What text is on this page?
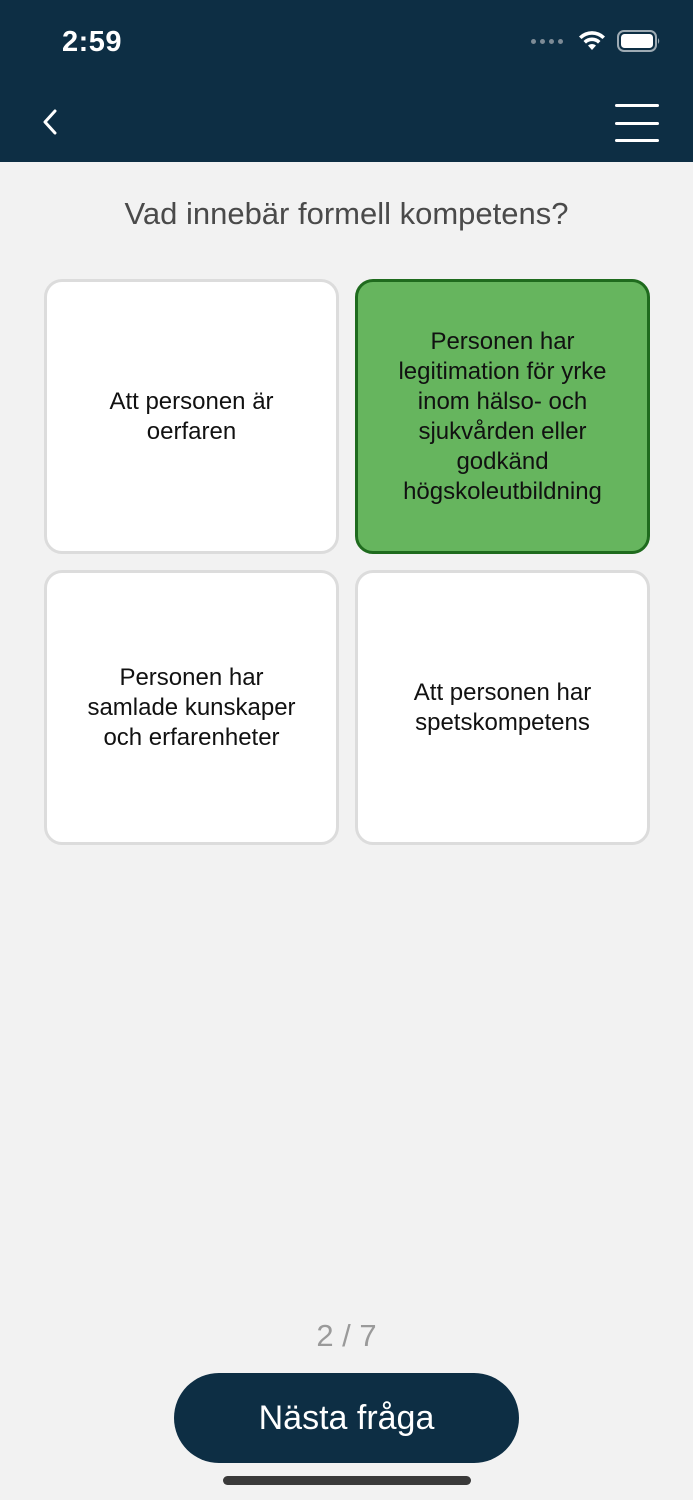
2:59
Vad innebär formell kompetens?
Att personen är oerfaren
Personen har legitimation för yrke inom hälso- och sjukvården eller godkänd högskoleutbildning
Personen har samlade kunskaper och erfarenheter
Att personen har spetskompetens
2 / 7
Nästa fråga
